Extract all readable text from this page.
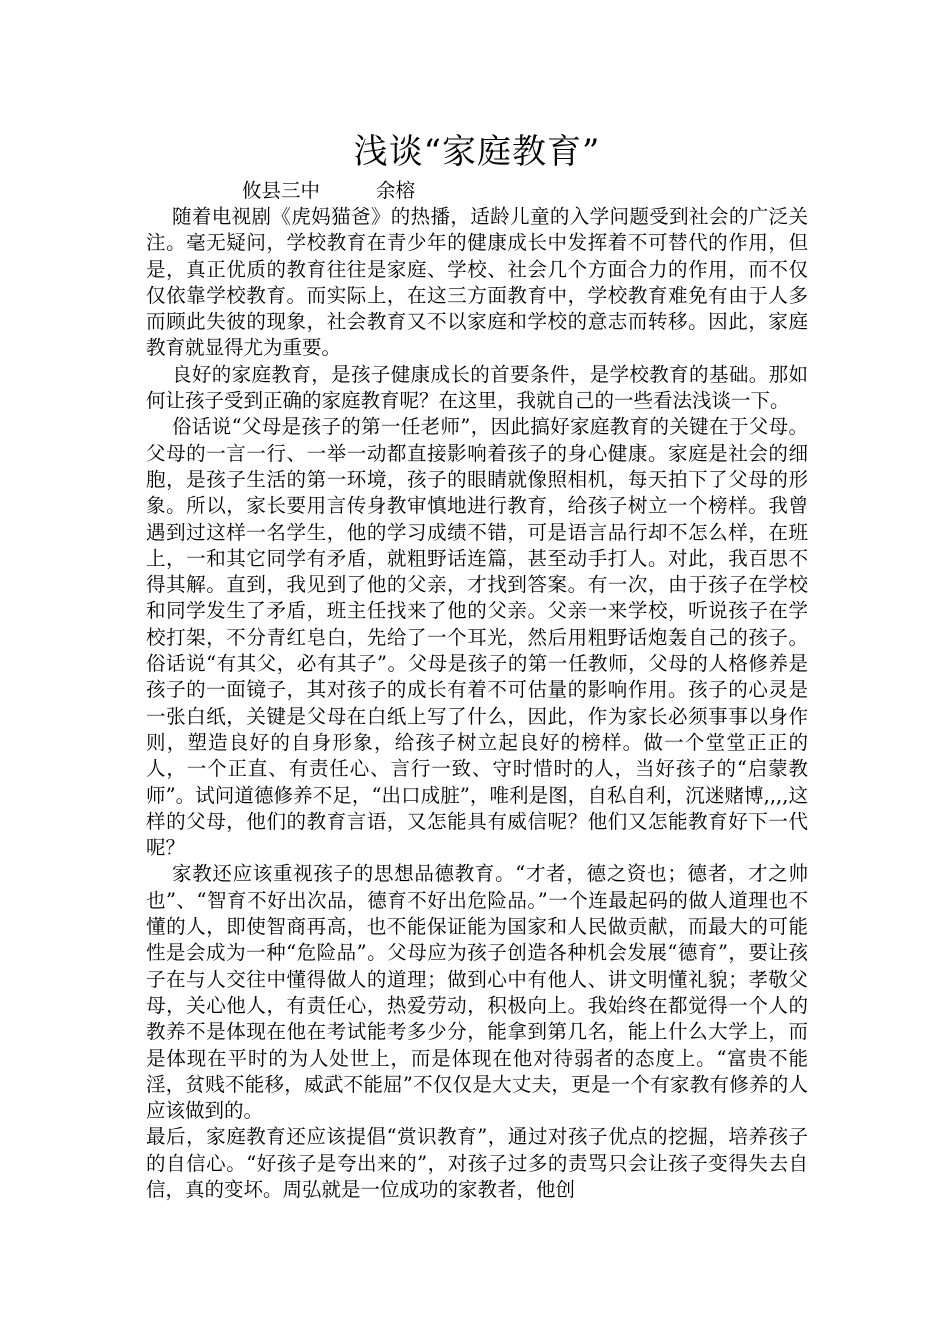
浅谈“家庭教育”

攸县三中	余榕

随着电视剧《虎妈猫爸》的热播，适龄儿童的入学问题受到社会的广泛关注。毫无疑问，学校教育在青少年的健康成长中发挥着不可替代的作用，但是，真正优质的教育往往是家庭、学校、社会几个方面合力的作用，而不仅仅依靠学校教育。而实际上，在这三方面教育中，学校教育难免有由于人多而顾此失彼的现象，社会教育又不以家庭和学校的意志而转移。因此，家庭教育就显得尤为重要。

良好的家庭教育，是孩子健康成长的首要条件，是学校教育的基础。那如何让孩子受到正确的家庭教育呢？在这里，我就自己的一些看法浅谈一下。

俗话说“父母是孩子的第一任老师”，因此搞好家庭教育的关键在于父母。父母的一言一行、一举一动都直接影响着孩子的身心健康。家庭是社会的细胞，是孩子生活的第一环境，孩子的眼睛就像照相机，每天拍下了父母的形象。所以，家长要用言传身教审慎地进行教育，给孩子树立一个榜样。我曾遇到过这样一名学生，他的学习成绩不错，可是语言品行却不怎么样，在班上，一和其它同学有矛盾，就粗野话连篇，甚至动手打人。对此，我百思不得其解。直到，我见到了他的父亲，才找到答案。有一次，由于孩子在学校和同学发生了矛盾，班主任找来了他的父亲。父亲一来学校，听说孩子在学校打架，不分青红皂白，先给了一个耳光，然后用粗野话炮轰自己的孩子。俗话说“有其父，必有其子”。父母是孩子的第一任教师，父母的人格修养是孩子的一面镜子，其对孩子的成长有着不可估量的影响作用。孩子的心灵是一张白纸，关键是父母在白纸上写了什么，因此，作为家长必须事事以身作则，塑造良好的自身形象，给孩子树立起良好的榜样。做一个堂堂正正的人，一个正直、有责任心、言行一致、守时惜时的人，当好孩子的“启蒙教师”。试问道德修养不足，“出口成脏”，唯利是图，自私自利，沉迷赌博,,,,这样的父母，他们的教育言语，又怎能具有威信呢？他们又怎能教育好下一代呢？

家教还应该重视孩子的思想品德教育。“才者，德之资也；德者，才之帅也”、“智育不好出次品，德育不好出危险品。”一个连最起码的做人道理也不懂的人，即使智商再高，也不能保证能为国家和人民做贡献，而最大的可能性是会成为一种“危险品”。父母应为孩子创造各种机会发展“德育”，要让孩子在与人交往中懂得做人的道理；做到心中有他人、讲文明懂礼貌；孝敬父母，关心他人，有责任心，热爱劳动，积极向上。我始终在都觉得一个人的教养不是体现在他在考试能考多少分，能拿到第几名，能上什么大学上，而是体现在平时的为人处世上，而是体现在他对待弱者的态度上。“富贵不能淫，贫贱不能移，威武不能屈”不仅仅是大丈夫，更是一个有家教有修养的人应该做到的。

最后，家庭教育还应该提倡“赏识教育”，通过对孩子优点的挖掘，培养孩子的自信心。“好孩子是夸出来的”，对孩子过多的责骂只会让孩子变得失去自信，真的变坏。周弘就是一位成功的家教者，他创
